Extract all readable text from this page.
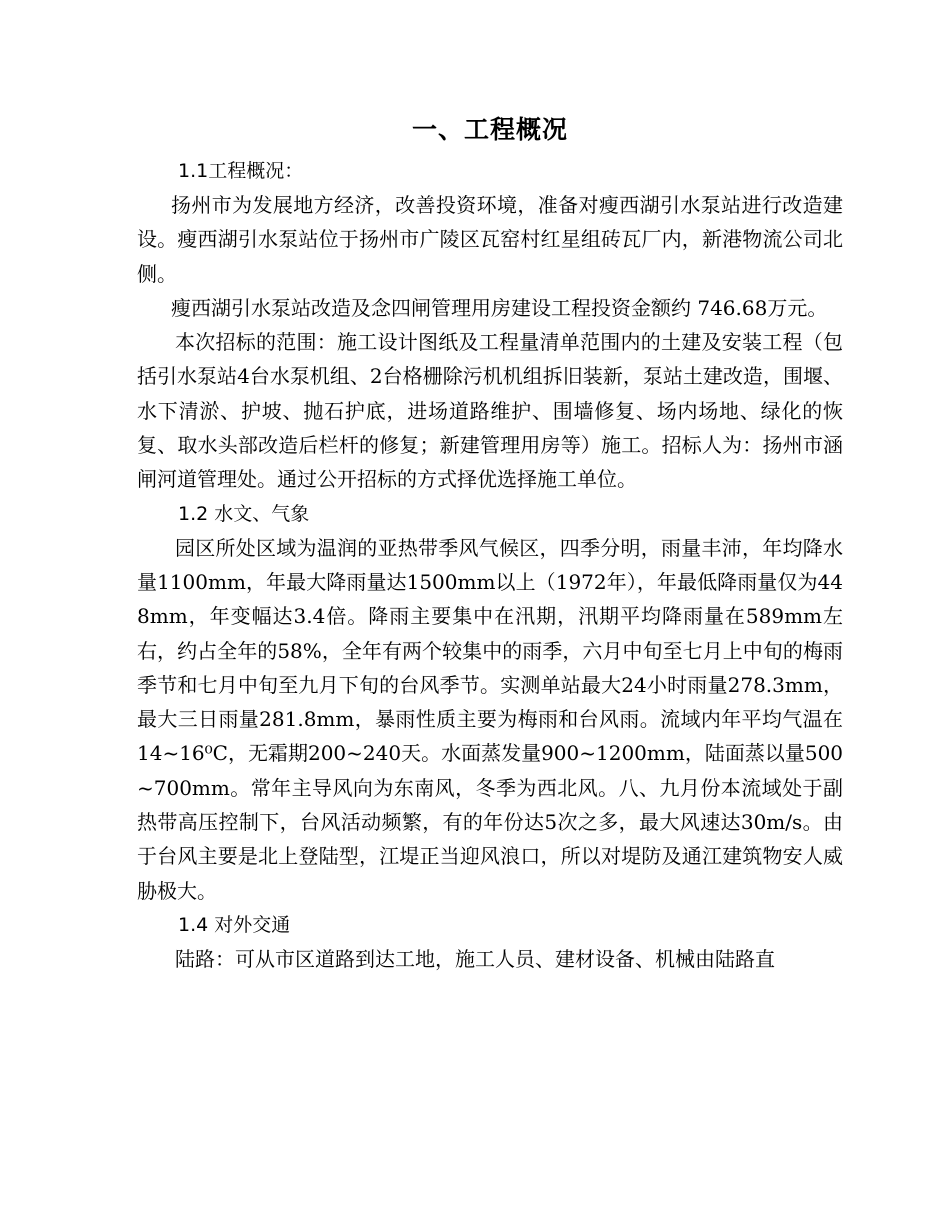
一、工程概况

1.1工程概况：

扬州市为发展地方经济，改善投资环境，准备对瘦西湖引水泵站进行改造建设。瘦西湖引水泵站位于扬州市广陵区瓦窑村红星组砖瓦厂内，新港物流公司北侧。

瘦西湖引水泵站改造及念四闸管理用房建设工程投资金额约 746.68万元。

本次招标的范围：施工设计图纸及工程量清单范围内的土建及安装工程（包括引水泵站4台水泵机组、2台格栅除污机机组拆旧装新，泵站土建改造，围堰、水下清淤、护坡、抛石护底，进场道路维护、围墙修复、场内场地、绿化的恢复、取水头部改造后栏杆的修复；新建管理用房等）施工。招标人为：扬州市涵闸河道管理处。通过公开招标的方式择优选择施工单位。

1.2 水文、气象

园区所处区域为温润的亚热带季风气候区，四季分明，雨量丰沛，年均降水量1100mm，年最大降雨量达1500mm以上（1972年），年最低降雨量仅为448mm，年变幅达3.4倍。降雨主要集中在汛期，汛期平均降雨量在589mm左右，约占全年的58%，全年有两个较集中的雨季，六月中旬至七月上中旬的梅雨季节和七月中旬至九月下旬的台风季节。实测单站最大24小时雨量278.3mm，最大三日雨量281.8mm，暴雨性质主要为梅雨和台风雨。流域内年平均气温在14~16⁰C，无霜期200~240天。水面蒸发量900~1200mm，陆面蒸以量500~700mm。常年主导风向为东南风，冬季为西北风。八、九月份本流域处于副热带高压控制下，台风活动频繁，有的年份达5次之多，最大风速达30m/s。由于台风主要是北上登陆型，江堤正当迎风浪口，所以对堤防及通江建筑物安人威胁极大。

1.4 对外交通

陆路：可从市区道路到达工地，施工人员、建材设备、机械由陆路直
